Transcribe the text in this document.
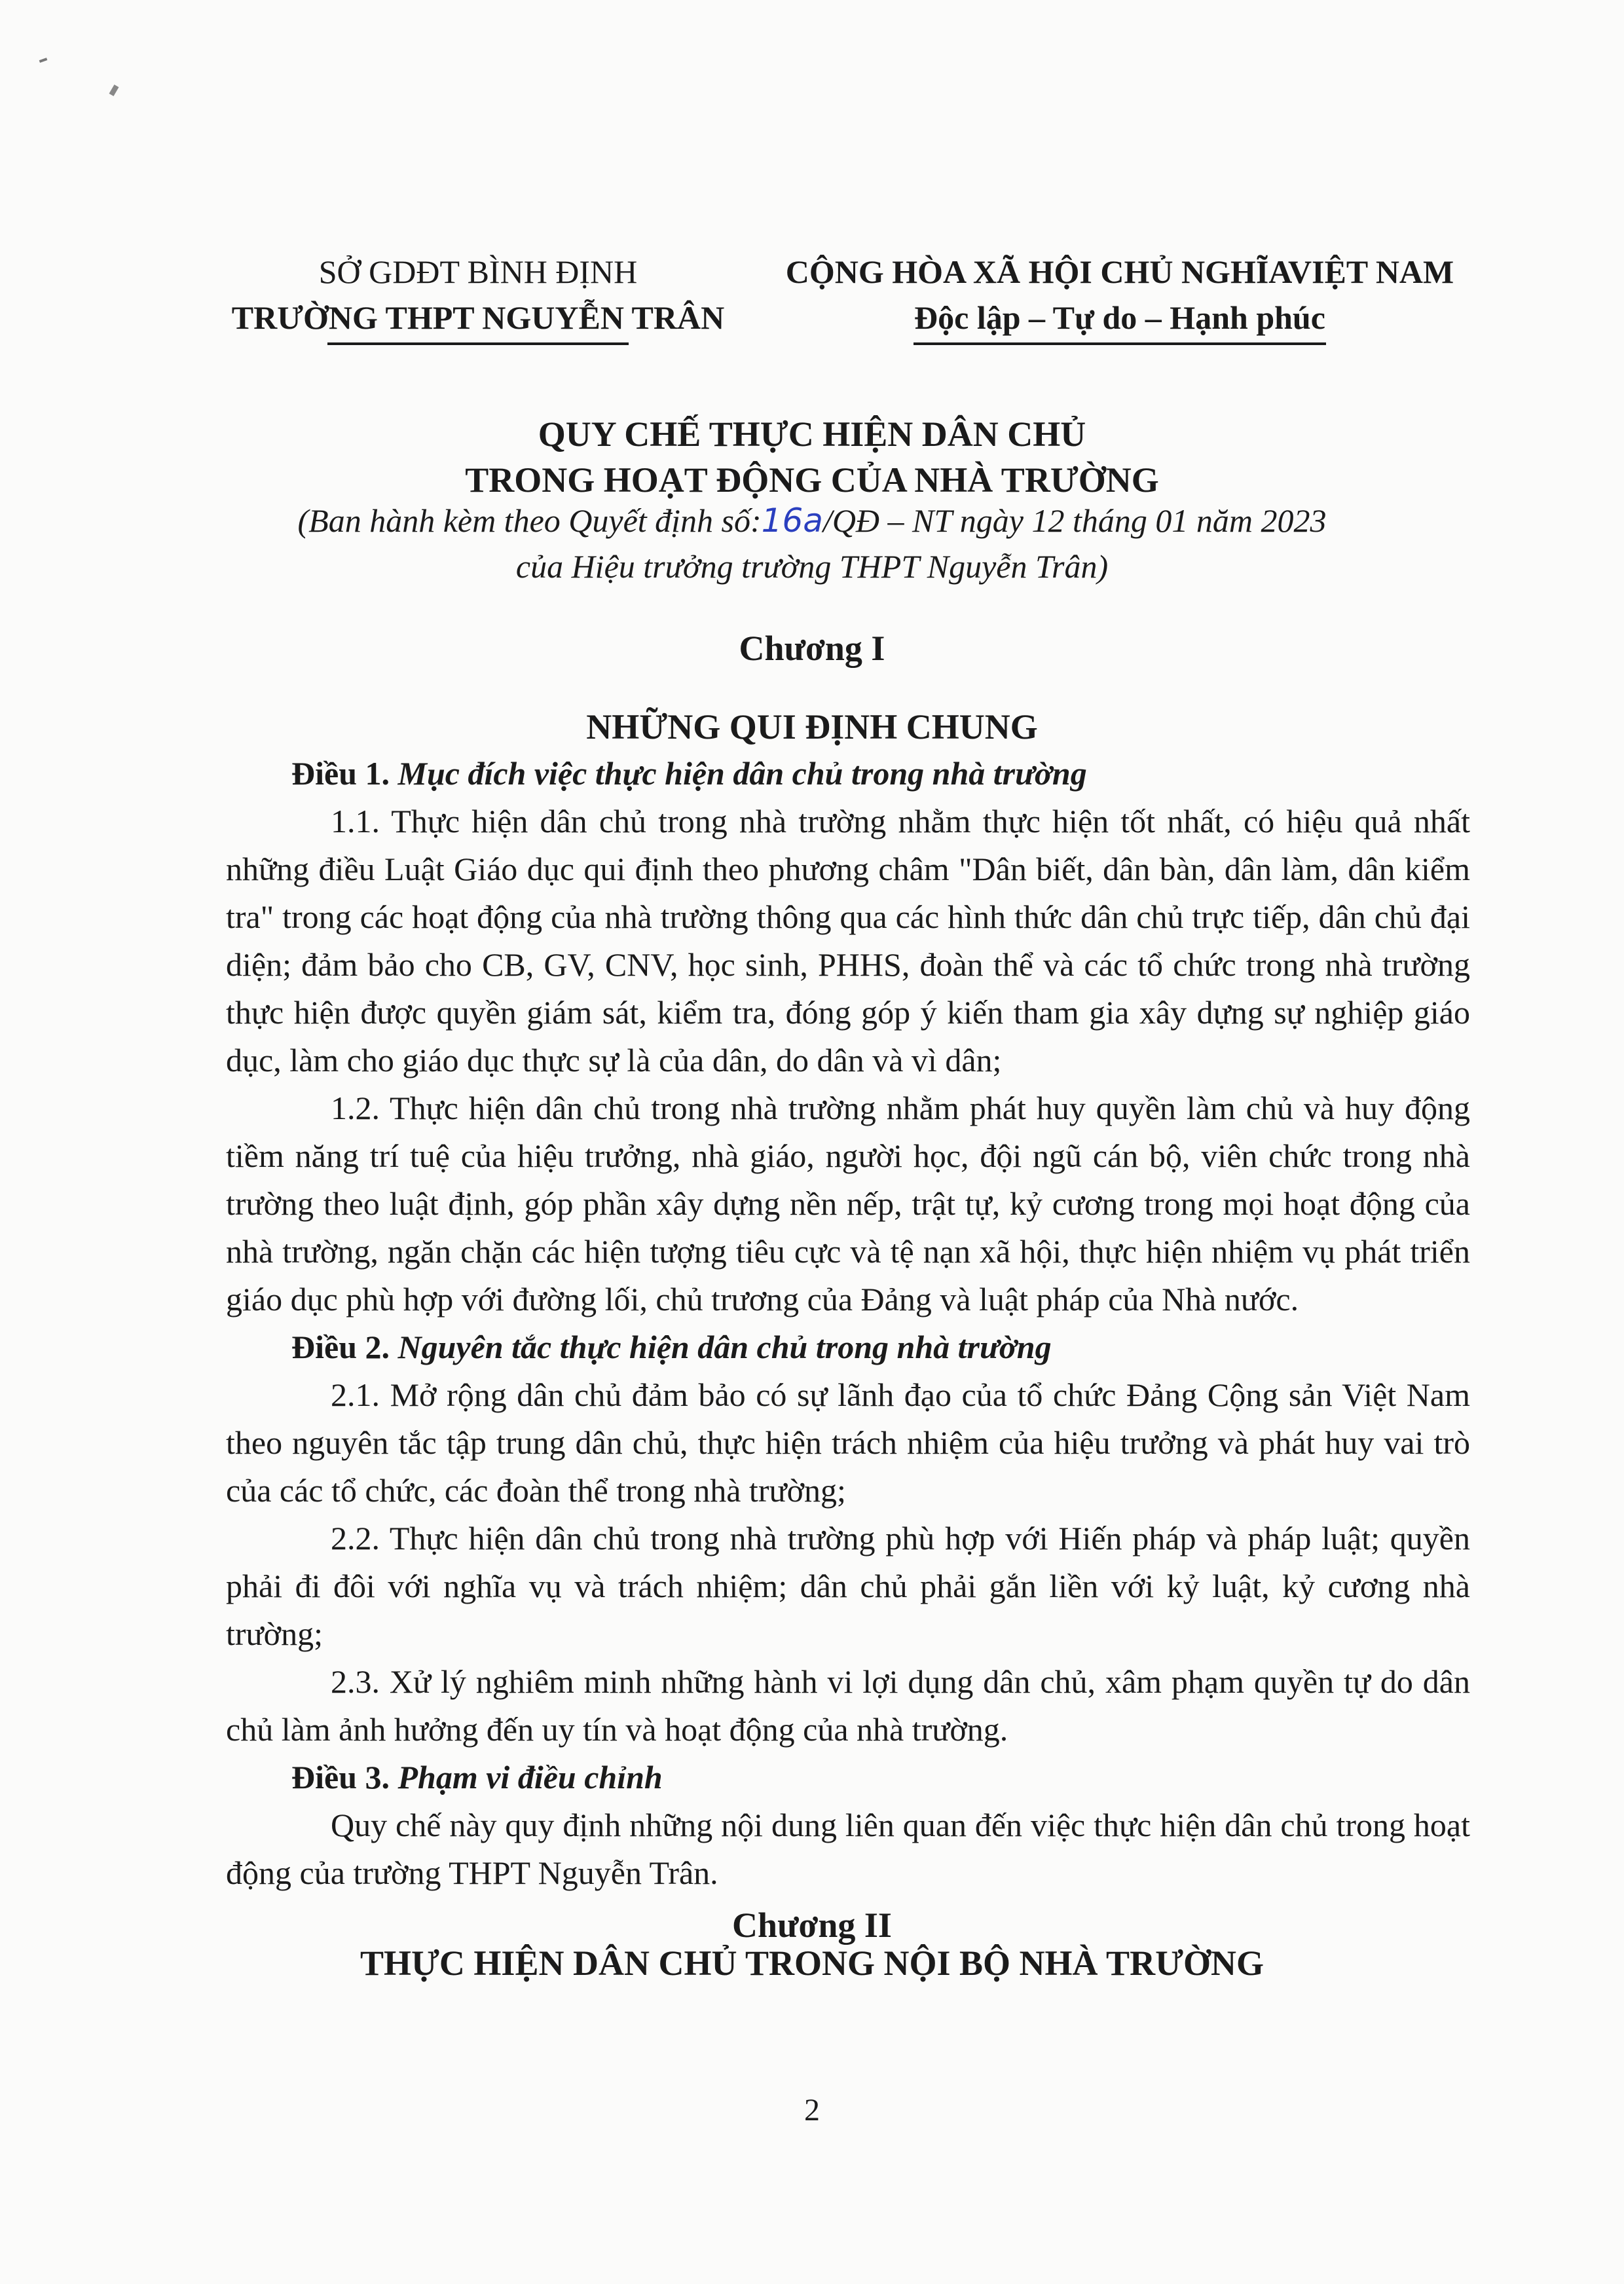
SỞ GDĐT BÌNH ĐỊNH
TRƯỜNG THPT NGUYỄN TRÂN
CỘNG HÒA XÃ HỘI CHỦ NGHĨAVIỆT NAM
Độc lập – Tự do – Hạnh phúc
QUY CHẾ THỰC HIỆN DÂN CHỦ
TRONG HOẠT ĐỘNG CỦA NHÀ TRƯỜNG
(Ban hành kèm theo Quyết định số:16a/QĐ – NT ngày 12 tháng 01 năm 2023
của Hiệu trưởng trường THPT Nguyễn Trân)
Chương I
NHỮNG QUI ĐỊNH CHUNG

Điều 1. Mục đích việc thực hiện dân chủ trong nhà trường

1.1. Thực hiện dân chủ trong nhà trường nhằm thực hiện tốt nhất, có hiệu quả nhất những điều Luật Giáo dục qui định theo phương châm "Dân biết, dân bàn, dân làm, dân kiểm tra" trong các hoạt động của nhà trường thông qua các hình thức dân chủ trực tiếp, dân chủ đại diện; đảm bảo cho CB, GV, CNV, học sinh, PHHS, đoàn thể và các tổ chức trong nhà trường thực hiện được quyền giám sát, kiểm tra, đóng góp ý kiến tham gia xây dựng sự nghiệp giáo dục, làm cho giáo dục thực sự là của dân, do dân và vì dân;

1.2. Thực hiện dân chủ trong nhà trường nhằm phát huy quyền làm chủ và huy động tiềm năng trí tuệ của hiệu trưởng, nhà giáo, người học, đội ngũ cán bộ, viên chức trong nhà trường theo luật định, góp phần xây dựng nền nếp, trật tự, kỷ cương trong mọi hoạt động của nhà trường, ngăn chặn các hiện tượng tiêu cực và tệ nạn xã hội, thực hiện nhiệm vụ phát triển giáo dục phù hợp với đường lối, chủ trương của Đảng và luật pháp của Nhà nước.

Điều 2. Nguyên tắc thực hiện dân chủ trong nhà trường

2.1. Mở rộng dân chủ đảm bảo có sự lãnh đạo của tổ chức Đảng Cộng sản Việt Nam theo nguyên tắc tập trung dân chủ, thực hiện trách nhiệm của hiệu trưởng và phát huy vai trò của các tổ chức, các đoàn thể trong nhà trường;

2.2. Thực hiện dân chủ trong nhà trường phù hợp với Hiến pháp và pháp luật; quyền phải đi đôi với nghĩa vụ và trách nhiệm; dân chủ phải gắn liền với kỷ luật, kỷ cương nhà trường;

2.3. Xử lý nghiêm minh những hành vi lợi dụng dân chủ, xâm phạm quyền tự do dân chủ làm ảnh hưởng đến uy tín và hoạt động của nhà trường.

Điều 3. Phạm vi điều chỉnh

Quy chế này quy định những nội dung liên quan đến việc thực hiện dân chủ trong hoạt động của trường THPT Nguyễn Trân.

Chương II
THỰC HIỆN DÂN CHỦ TRONG NỘI BỘ NHÀ TRƯỜNG
2
